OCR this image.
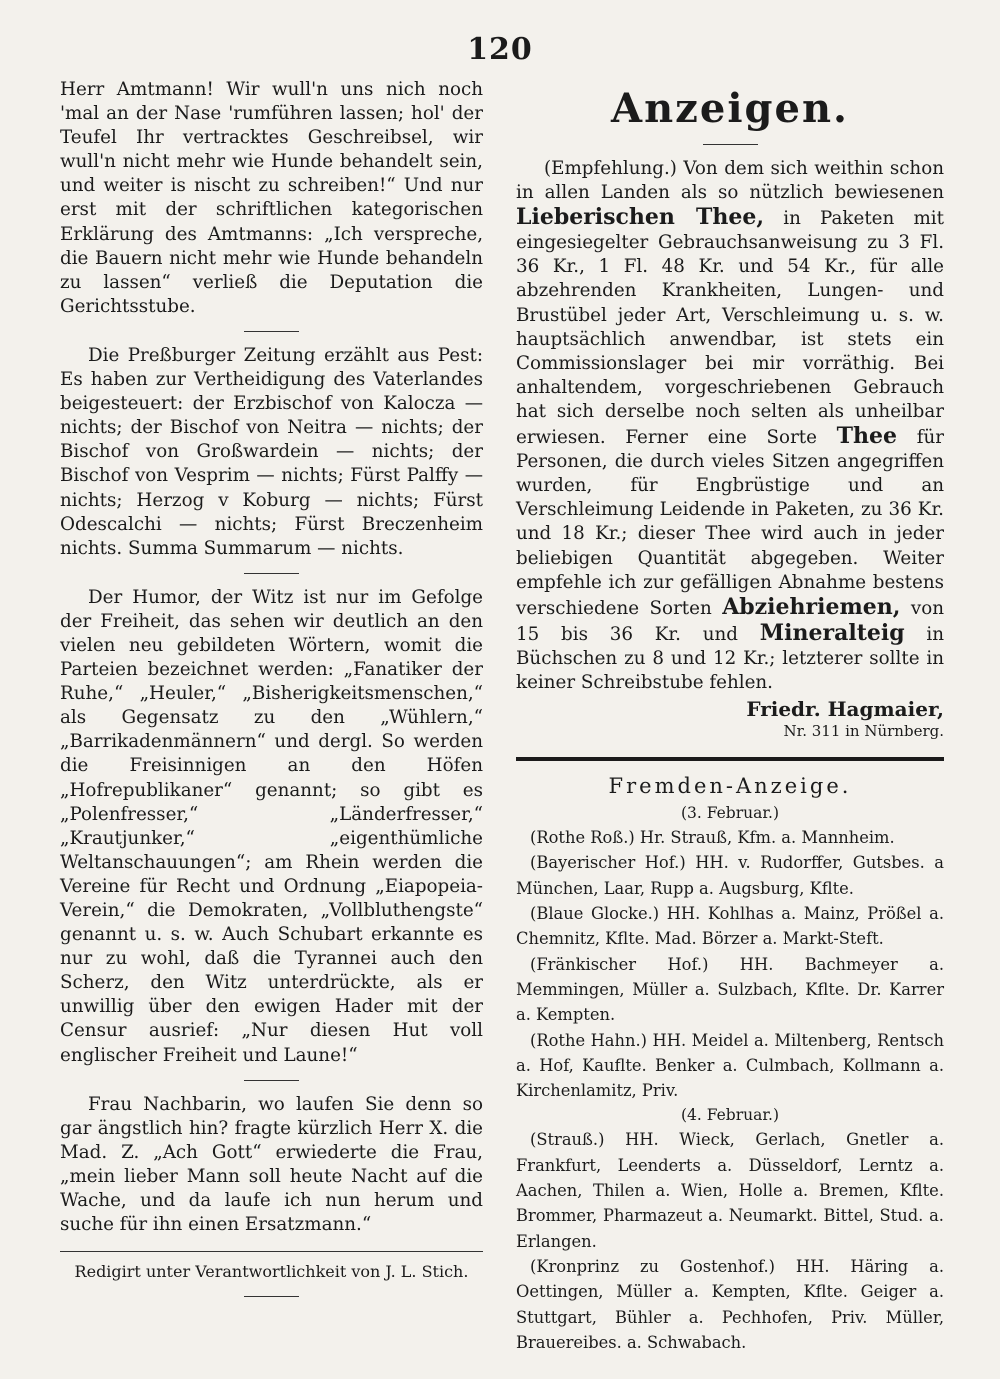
120

Herr Amtmann! Wir wull'n uns nich noch 'mal an der Nase 'rumführen lassen; hol' der Teufel Ihr vertracktes Geschreibsel, wir wull'n nicht mehr wie Hunde behandelt sein, und weiter is nischt zu schreiben!“ Und nur erst mit der schriftlichen kategorischen Erklärung des Amtmanns: „Ich verspreche, die Bauern nicht mehr wie Hunde behandeln zu lassen“ verließ die Deputation die Gerichtsstube.

Die Preßburger Zeitung erzählt aus Pest: Es haben zur Vertheidigung des Vaterlandes beigesteuert: der Erzbischof von Kalocza — nichts; der Bischof von Neitra — nichts; der Bischof von Großwardein — nichts; der Bischof von Vesprim — nichts; Fürst Palffy — nichts; Herzog v Koburg — nichts; Fürst Odescalchi — nichts; Fürst Breczenheim nichts. Summa Summarum — nichts.

Der Humor, der Witz ist nur im Gefolge der Freiheit, das sehen wir deutlich an den vielen neu gebildeten Wörtern, womit die Parteien bezeichnet werden: „Fanatiker der Ruhe,“ „Heuler,“ „Bisherigkeitsmenschen,“ als Gegensatz zu den „Wühlern,“ „Barrikadenmännern“ und dergl. So werden die Freisinnigen an den Höfen „Hofrepublikaner“ genannt; so gibt es „Polenfresser,“ „Länderfresser,“ „Krautjunker,“ „eigenthümliche Weltanschauungen“; am Rhein werden die Vereine für Recht und Ordnung „Eiapopeia-Verein,“ die Demokraten, „Vollbluthengste“ genannt u. s. w. Auch Schubart erkannte es nur zu wohl, daß die Tyrannei auch den Scherz, den Witz unterdrückte, als er unwillig über den ewigen Hader mit der Censur ausrief: „Nur diesen Hut voll englischer Freiheit und Laune!“

Frau Nachbarin, wo laufen Sie denn so gar ängstlich hin? fragte kürzlich Herr X. die Mad. Z. „Ach Gott“ erwiederte die Frau, „mein lieber Mann soll heute Nacht auf die Wache, und da laufe ich nun herum und suche für ihn einen Ersatzmann.“

Redigirt unter Verantwortlichkeit von J. L. Stich.
Anzeigen.

(Empfehlung.) Von dem sich weithin schon in allen Landen als so nützlich bewiesenen Lieberischen Thee, in Paketen mit eingesiegelter Gebrauchsanweisung zu 3 Fl. 36 Kr., 1 Fl. 48 Kr. und 54 Kr., für alle abzehrenden Krankheiten, Lungen- und Brustübel jeder Art, Verschleimung u. s. w. hauptsächlich anwendbar, ist stets ein Commissionslager bei mir vorräthig. Bei anhaltendem, vorgeschriebenen Gebrauch hat sich derselbe noch selten als unheilbar erwiesen. Ferner eine Sorte Thee für Personen, die durch vieles Sitzen angegriffen wurden, für Engbrüstige und an Verschleimung Leidende in Paketen, zu 36 Kr. und 18 Kr.; dieser Thee wird auch in jeder beliebigen Quantität abgegeben. Weiter empfehle ich zur gefälligen Abnahme bestens verschiedene Sorten Abziehriemen, von 15 bis 36 Kr. und Mineralteig in Büchschen zu 8 und 12 Kr.; letzterer sollte in keiner Schreibstube fehlen.

Friedr. Hagmaier,
Nr. 311 in Nürnberg.
Fremden-Anzeige.
(3. Februar.)

(Rothe Roß.) Hr. Strauß, Kfm. a. Mannheim.

(Bayerischer Hof.) HH. v. Rudorffer, Gutsbes. a München, Laar, Rupp a. Augsburg, Kflte.

(Blaue Glocke.) HH. Kohlhas a. Mainz, Prößel a. Chemnitz, Kflte. Mad. Börzer a. Markt-Steft.

(Fränkischer Hof.) HH. Bachmeyer a. Memmingen, Müller a. Sulzbach, Kflte. Dr. Karrer a. Kempten.

(Rothe Hahn.) HH. Meidel a. Miltenberg, Rentsch a. Hof, Kauflte. Benker a. Culmbach, Kollmann a. Kirchenlamitz, Priv.

(4. Februar.)

(Strauß.) HH. Wieck, Gerlach, Gnetler a. Frankfurt, Leenderts a. Düsseldorf, Lerntz a. Aachen, Thilen a. Wien, Holle a. Bremen, Kflte. Brommer, Pharmazeut a. Neumarkt. Bittel, Stud. a. Erlangen.

(Kronprinz zu Gostenhof.) HH. Häring a. Oettingen, Müller a. Kempten, Kflte. Geiger a. Stuttgart, Bühler a. Pechhofen, Priv. Müller, Brauereibes. a. Schwabach.
